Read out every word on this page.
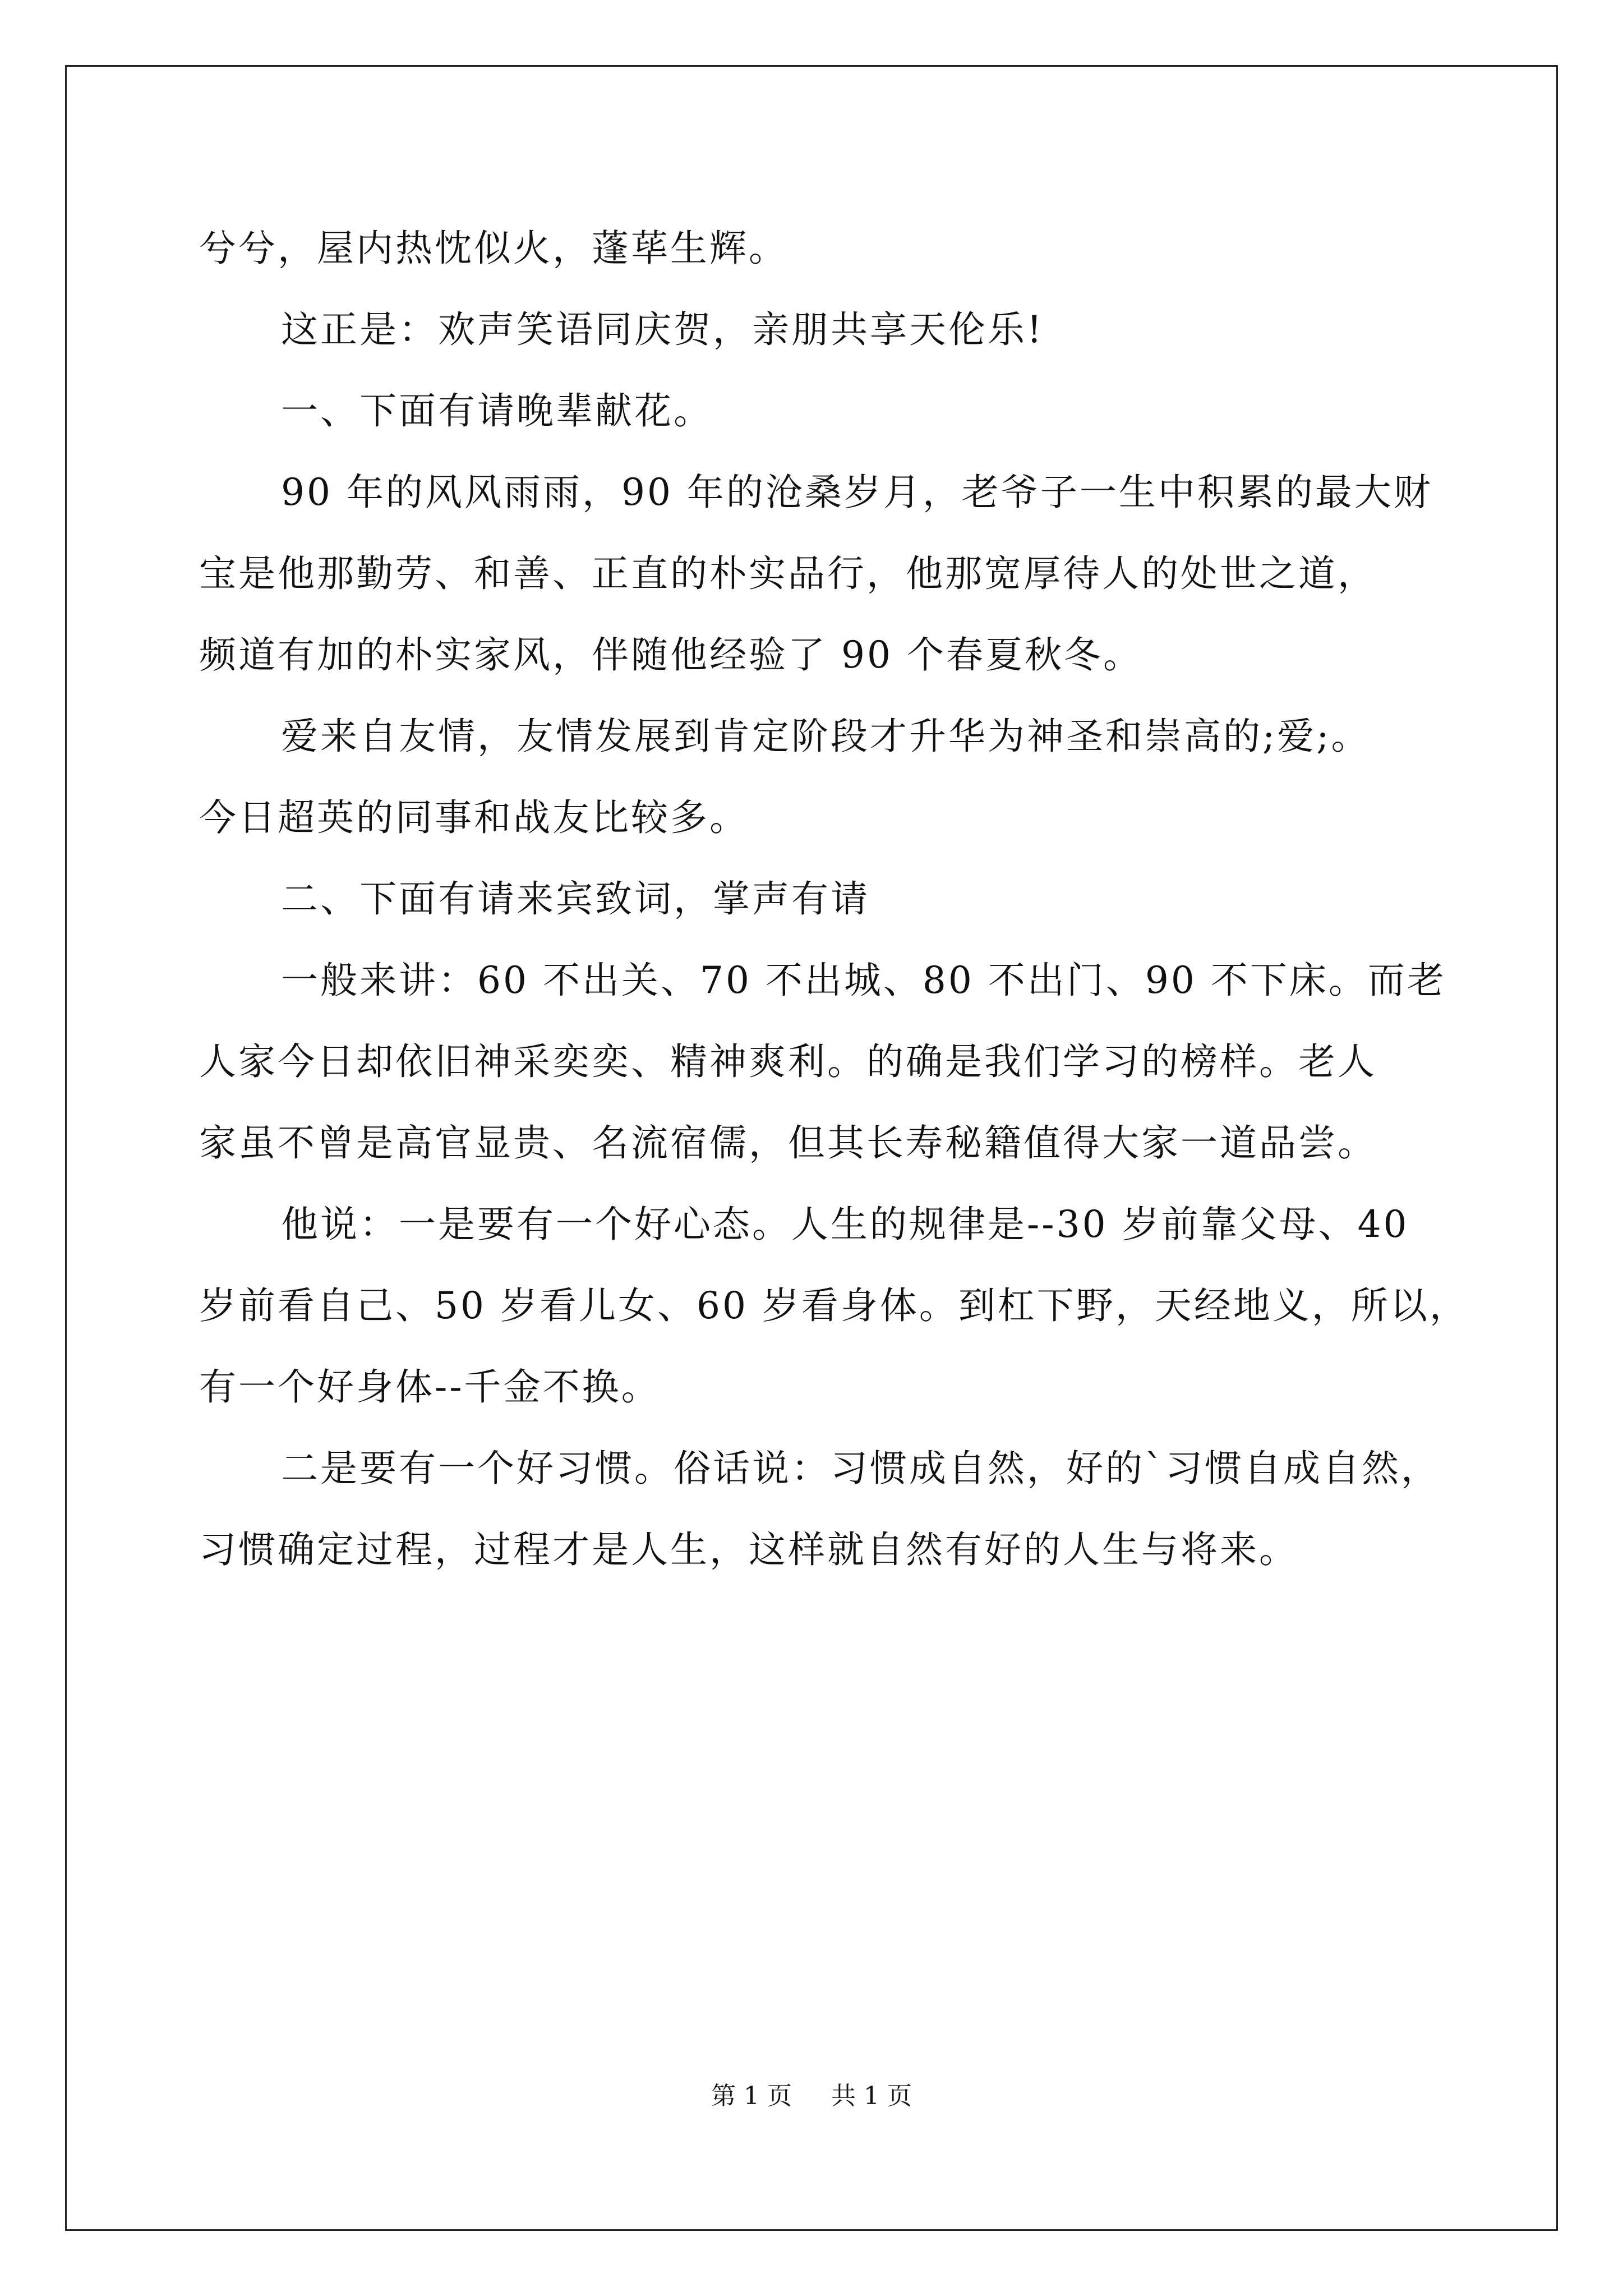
兮兮，屋内热忱似火，蓬荜生辉。

这正是：欢声笑语同庆贺，亲朋共享天伦乐!

一、下面有请晚辈献花。

90 年的风风雨雨，90 年的沧桑岁月，老爷子一生中积累的最大财

宝是他那勤劳、和善、正直的朴实品行，他那宽厚待人的处世之道，

频道有加的朴实家风，伴随他经验了 90 个春夏秋冬。

爱来自友情，友情发展到肯定阶段才升华为神圣和崇高的;爱;。

今日超英的同事和战友比较多。

二、下面有请来宾致词，掌声有请

一般来讲：60 不出关、70 不出城、80 不出门、90 不下床。而老

人家今日却依旧神采奕奕、精神爽利。的确是我们学习的榜样。老人

家虽不曾是高官显贵、名流宿儒，但其长寿秘籍值得大家一道品尝。

他说：一是要有一个好心态。人生的规律是--30 岁前靠父母、40

岁前看自己、50 岁看儿女、60 岁看身体。到杠下野，天经地义，所以，

有一个好身体--千金不换。

二是要有一个好习惯。俗话说：习惯成自然，好的`习惯自成自然，

习惯确定过程，过程才是人生，这样就自然有好的人生与将来。

第 1 页 共 1 页
